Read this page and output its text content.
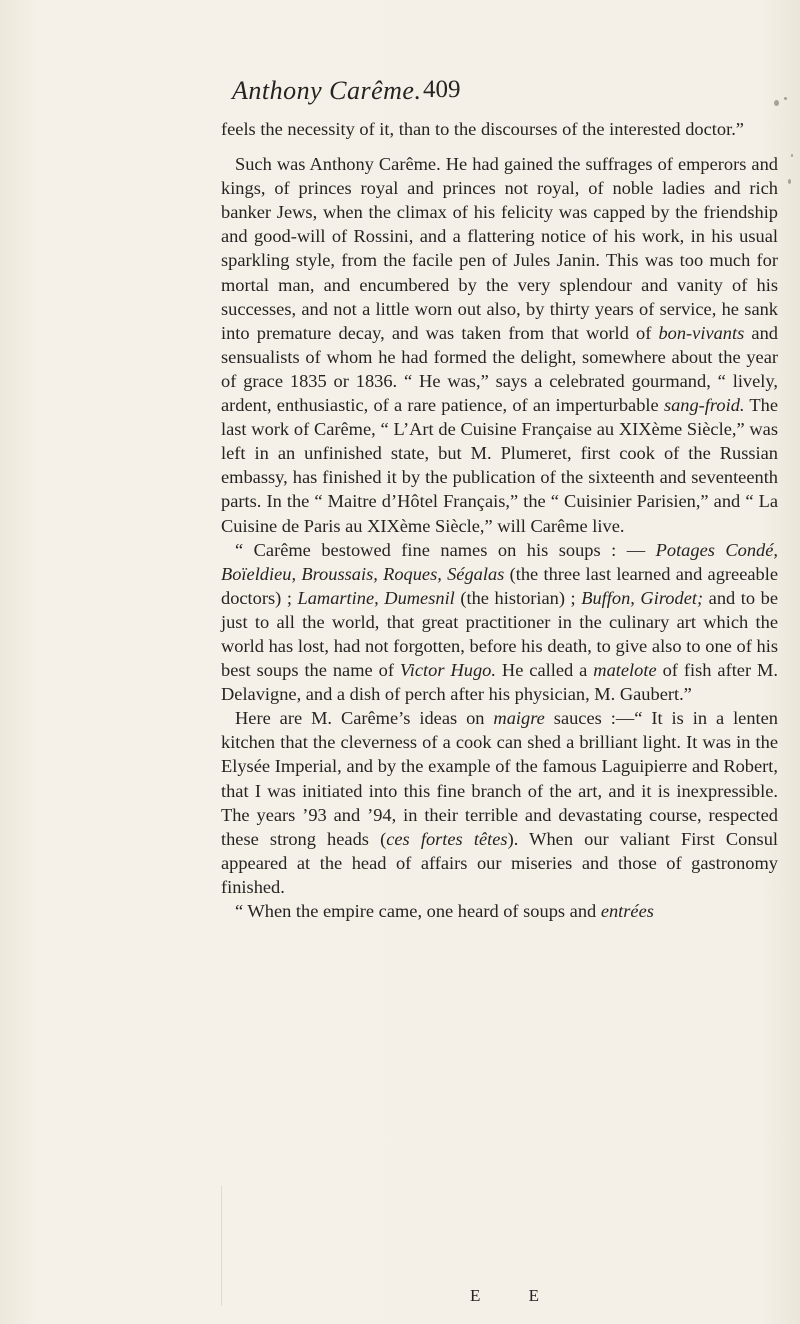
Anthony Carême. 409

feels the necessity of it, than to the discourses of the interested doctor.”

Such was Anthony Carême. He had gained the suffrages of emperors and kings, of princes royal and princes not royal, of noble ladies and rich banker Jews, when the climax of his felicity was capped by the friendship and good-will of Rossini, and a flattering notice of his work, in his usual sparkling style, from the facile pen of Jules Janin. This was too much for mortal man, and encumbered by the very splendour and vanity of his successes, and not a little worn out also, by thirty years of service, he sank into premature decay, and was taken from that world of bon-vivants and sensualists of whom he had formed the delight, somewhere about the year of grace 1835 or 1836. “ He was,” says a celebrated gourmand, “ lively, ardent, enthusiastic, of a rare patience, of an imperturbable sang-froid. The last work of Carême, “ L’Art de Cuisine Française au XIXème Siècle,” was left in an unfinished state, but M. Plumeret, first cook of the Russian embassy, has finished it by the publication of the sixteenth and seventeenth parts. In the “ Maitre d’Hôtel Français,” the “ Cuisinier Parisien,” and “ La Cuisine de Paris au XIXème Siècle,” will Carême live.

“ Carême bestowed fine names on his soups : — Potages Condé, Boïeldieu, Broussais, Roques, Ségalas (the three last learned and agreeable doctors) ; Lamartine, Dumesnil (the historian) ; Buffon, Girodet; and to be just to all the world, that great practitioner in the culinary art which the world has lost, had not forgotten, before his death, to give also to one of his best soups the name of Victor Hugo. He called a matelote of fish after M. Delavigne, and a dish of perch after his physician, M. Gaubert.”

Here are M. Carême’s ideas on maigre sauces :—“ It is in a lenten kitchen that the cleverness of a cook can shed a brilliant light. It was in the Elysée Imperial, and by the example of the famous Laguipierre and Robert, that I was initiated into this fine branch of the art, and it is inexpressible. The years ’93 and ’94, in their terrible and devastating course, respected these strong heads (ces fortes têtes). When our valiant First Consul appeared at the head of affairs our miseries and those of gastronomy finished.

“ When the empire came, one heard of soups and entrées

E E
